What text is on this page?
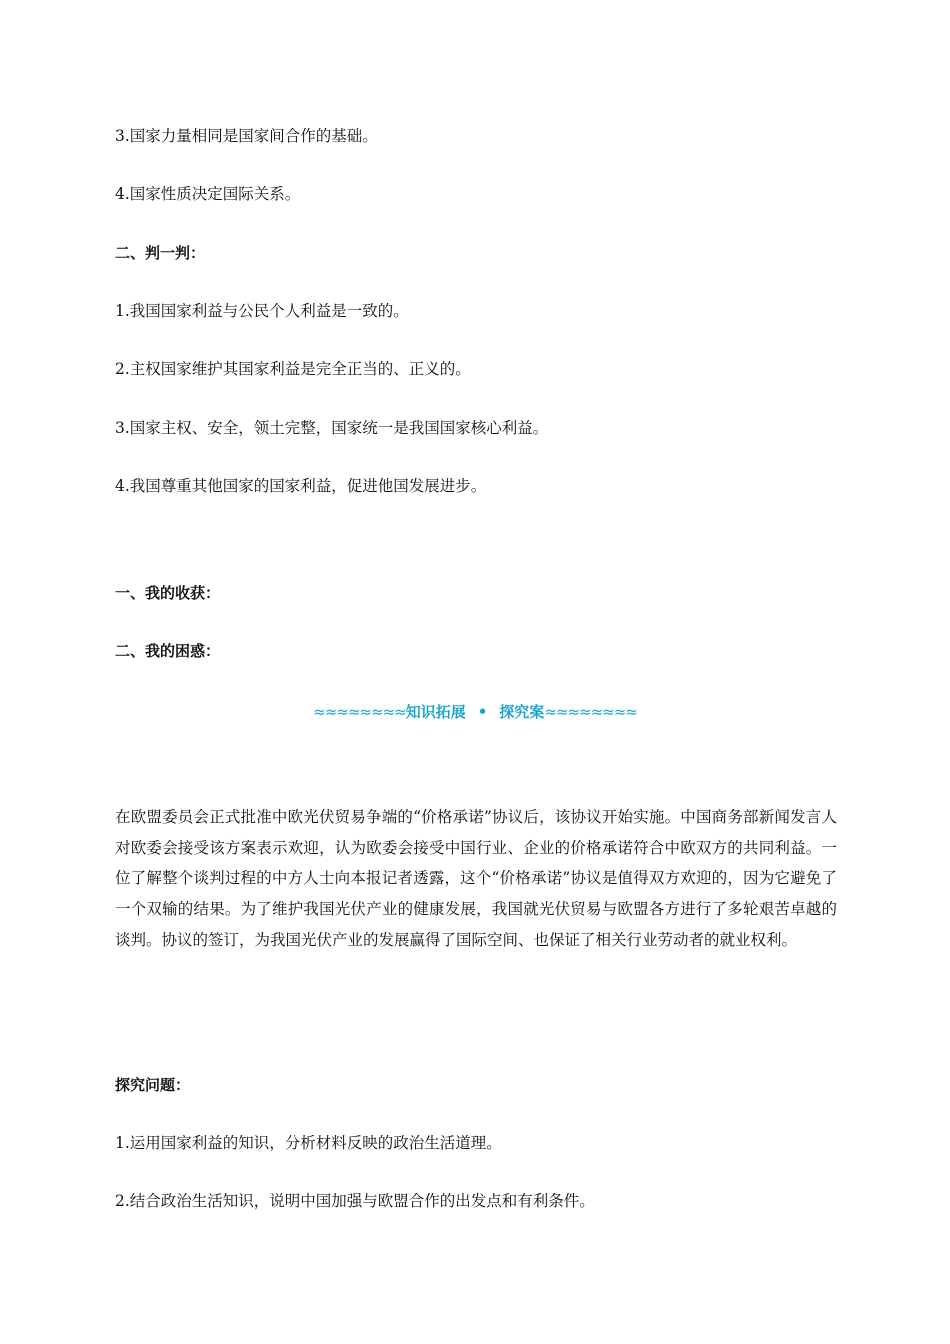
3.国家力量相同是国家间合作的基础。

4.国家性质决定国际关系。

二、判一判：

1.我国国家利益与公民个人利益是一致的。

2.主权国家维护其国家利益是完全正当的、正义的。

3.国家主权、安全，领土完整，国家统一是我国国家核心利益。

4.我国尊重其他国家的国家利益，促进他国发展进步。

一、我的收获：

二、我的困惑：

≈≈≈≈≈≈≈≈知识拓展 • 探究案≈≈≈≈≈≈≈≈

在欧盟委员会正式批准中欧光伏贸易争端的“价格承诺”协议后，该协议开始实施。中国商务部新闻发言人对欧委会接受该方案表示欢迎，认为欧委会接受中国行业、企业的价格承诺符合中欧双方的共同利益。一位了解整个谈判过程的中方人士向本报记者透露，这个“价格承诺”协议是值得双方欢迎的，因为它避免了一个双输的结果。为了维护我国光伏产业的健康发展，我国就光伏贸易与欧盟各方进行了多轮艰苦卓越的谈判。协议的签订，为我国光伏产业的发展赢得了国际空间、也保证了相关行业劳动者的就业权利。

探究问题：

1.运用国家利益的知识，分析材料反映的政治生活道理。

2.结合政治生活知识，说明中国加强与欧盟合作的出发点和有利条件。
